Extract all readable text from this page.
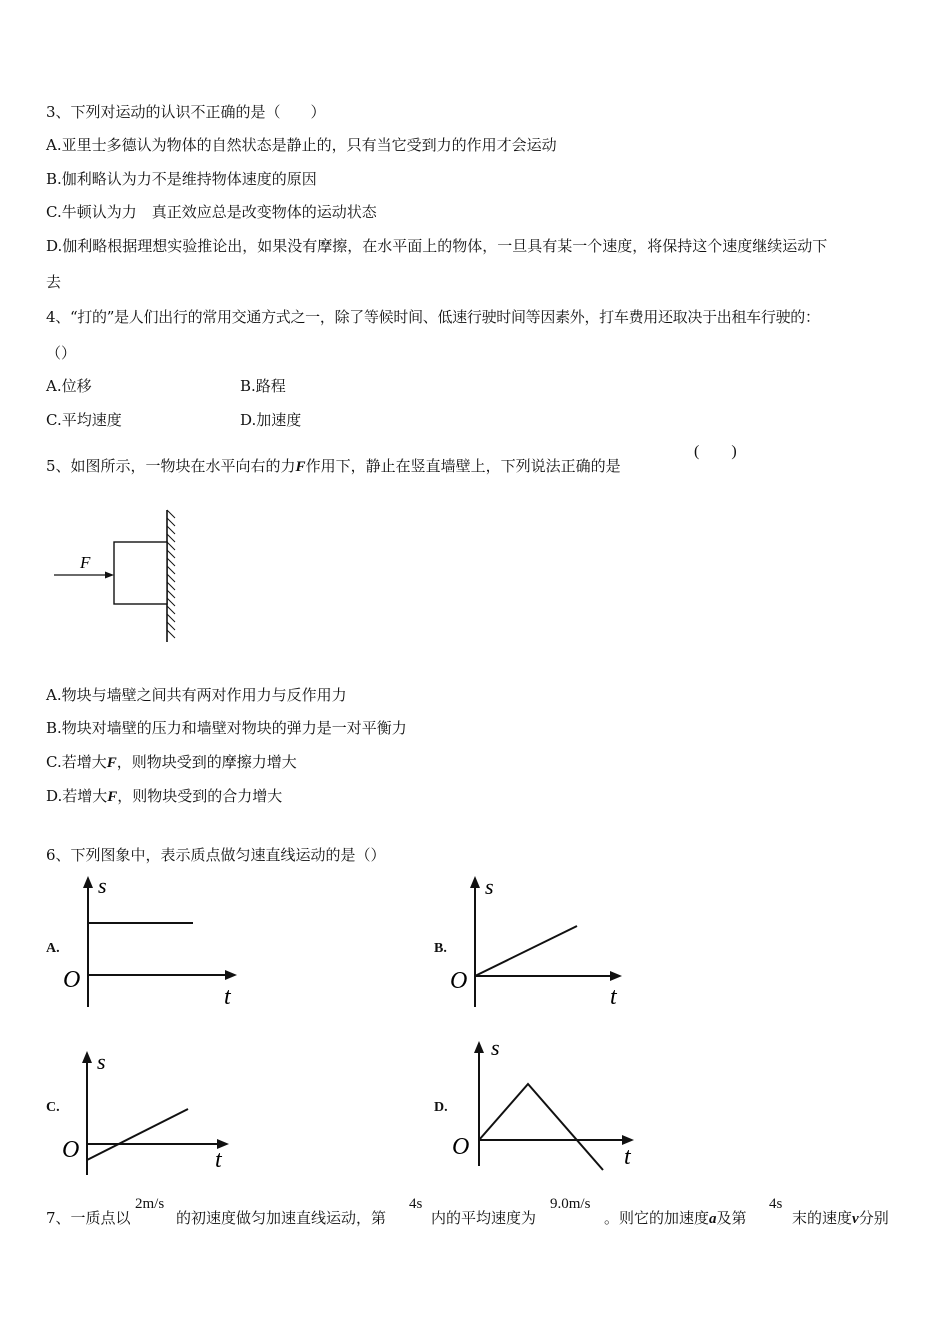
3、下列对运动的认识不正确的是（　　）
A.亚里士多德认为物体的自然状态是静止的，只有当它受到力的作用才会运动
B.伽利略认为力不是维持物体速度的原因
C.牛顿认为力　真正效应总是改变物体的运动状态
D.伽利略根据理想实验推论出，如果没有摩擦，在水平面上的物体，一旦具有某一个速度，将保持这个速度继续运动下
去
4、“打的”是人们出行的常用交通方式之一，除了等候时间、低速行驶时间等因素外，打车费用还取决于出租车行驶的：
（）
A.位移	B.路程
C.平均速度	D.加速度
5、如图所示，一物块在水平向右的力F作用下，静止在竖直墙壁上，下列说法正确的是
(　　)
F
A.物块与墙壁之间共有两对作用力与反作用力
B.物块对墙壁的压力和墙壁对物块的弹力是一对平衡力
C.若增大F，则物块受到的摩擦力增大
D.若增大F，则物块受到的合力增大
6、下列图象中，表示质点做匀速直线运动的是（）
A.
s
O
t
B.
s
O
t
C.
s
O	t
D.
s
O	t
7、一质点以
2m/s
的初速度做匀加速直线运动，第
4s
内的平均速度为
9.0m/s
。则它的加速度a及第
4s
末的速度v分别
